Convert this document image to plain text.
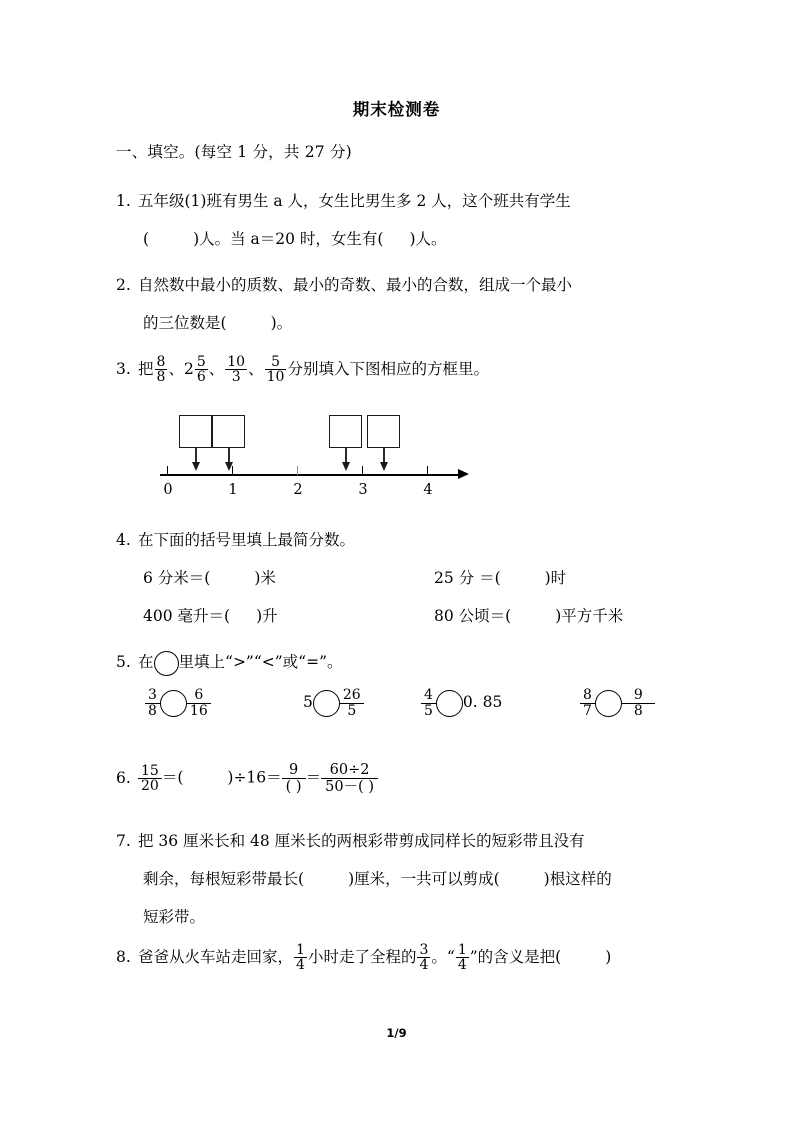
期末检测卷
一、填空。(每空 1 分，共 27 分)
1. 五年级(1)班有男生 a 人，女生比男生多 2 人，这个班共有学生
(	)人。当 a＝20 时，女生有( )人。
2. 自然数中最小的质数、最小的奇数、最小的合数，组成一个最小
的三位数是(	)。
3. 把 $\frac{8}{8}$ 、$2 \frac{5}{6}$ 、 $\frac{10}{3}$ 、 $\frac{5}{10}$ 分别填入下图相应的方框里。
0	1	2	3	4
4. 在下面的括号里填上最简分数。
6 分米＝(	)米	25 分 ＝(	)时
400 毫升＝( )升	80 公顷＝(	)平方千米
5. 在 里填上“>”“<”或“=”。
$\frac{3}{8} \frac{6}{16}$	$5 \frac{26}{5}$	$\frac{4}{5} 0$. 85	$\frac{8}{7} \frac{9}{8}$
6. $\frac{15}{20}$ ＝(	)÷16＝ 9
( )
＝ $\frac{60\div 2}{50-( )}$
7. 把 36 厘米长和 48 厘米长的两根彩带剪成同样长的短彩带且没有
剩余，每根短彩带最长(	)厘米，一共可以剪成(	)根这样的
短彩带。
8. 爸爸从火车站走回家， $\frac{1}{4}$ 小时走了全程的 $\frac{3}{4}$ 。“ $\frac{1}{4}$ ”的含义是把(	)
1/9
